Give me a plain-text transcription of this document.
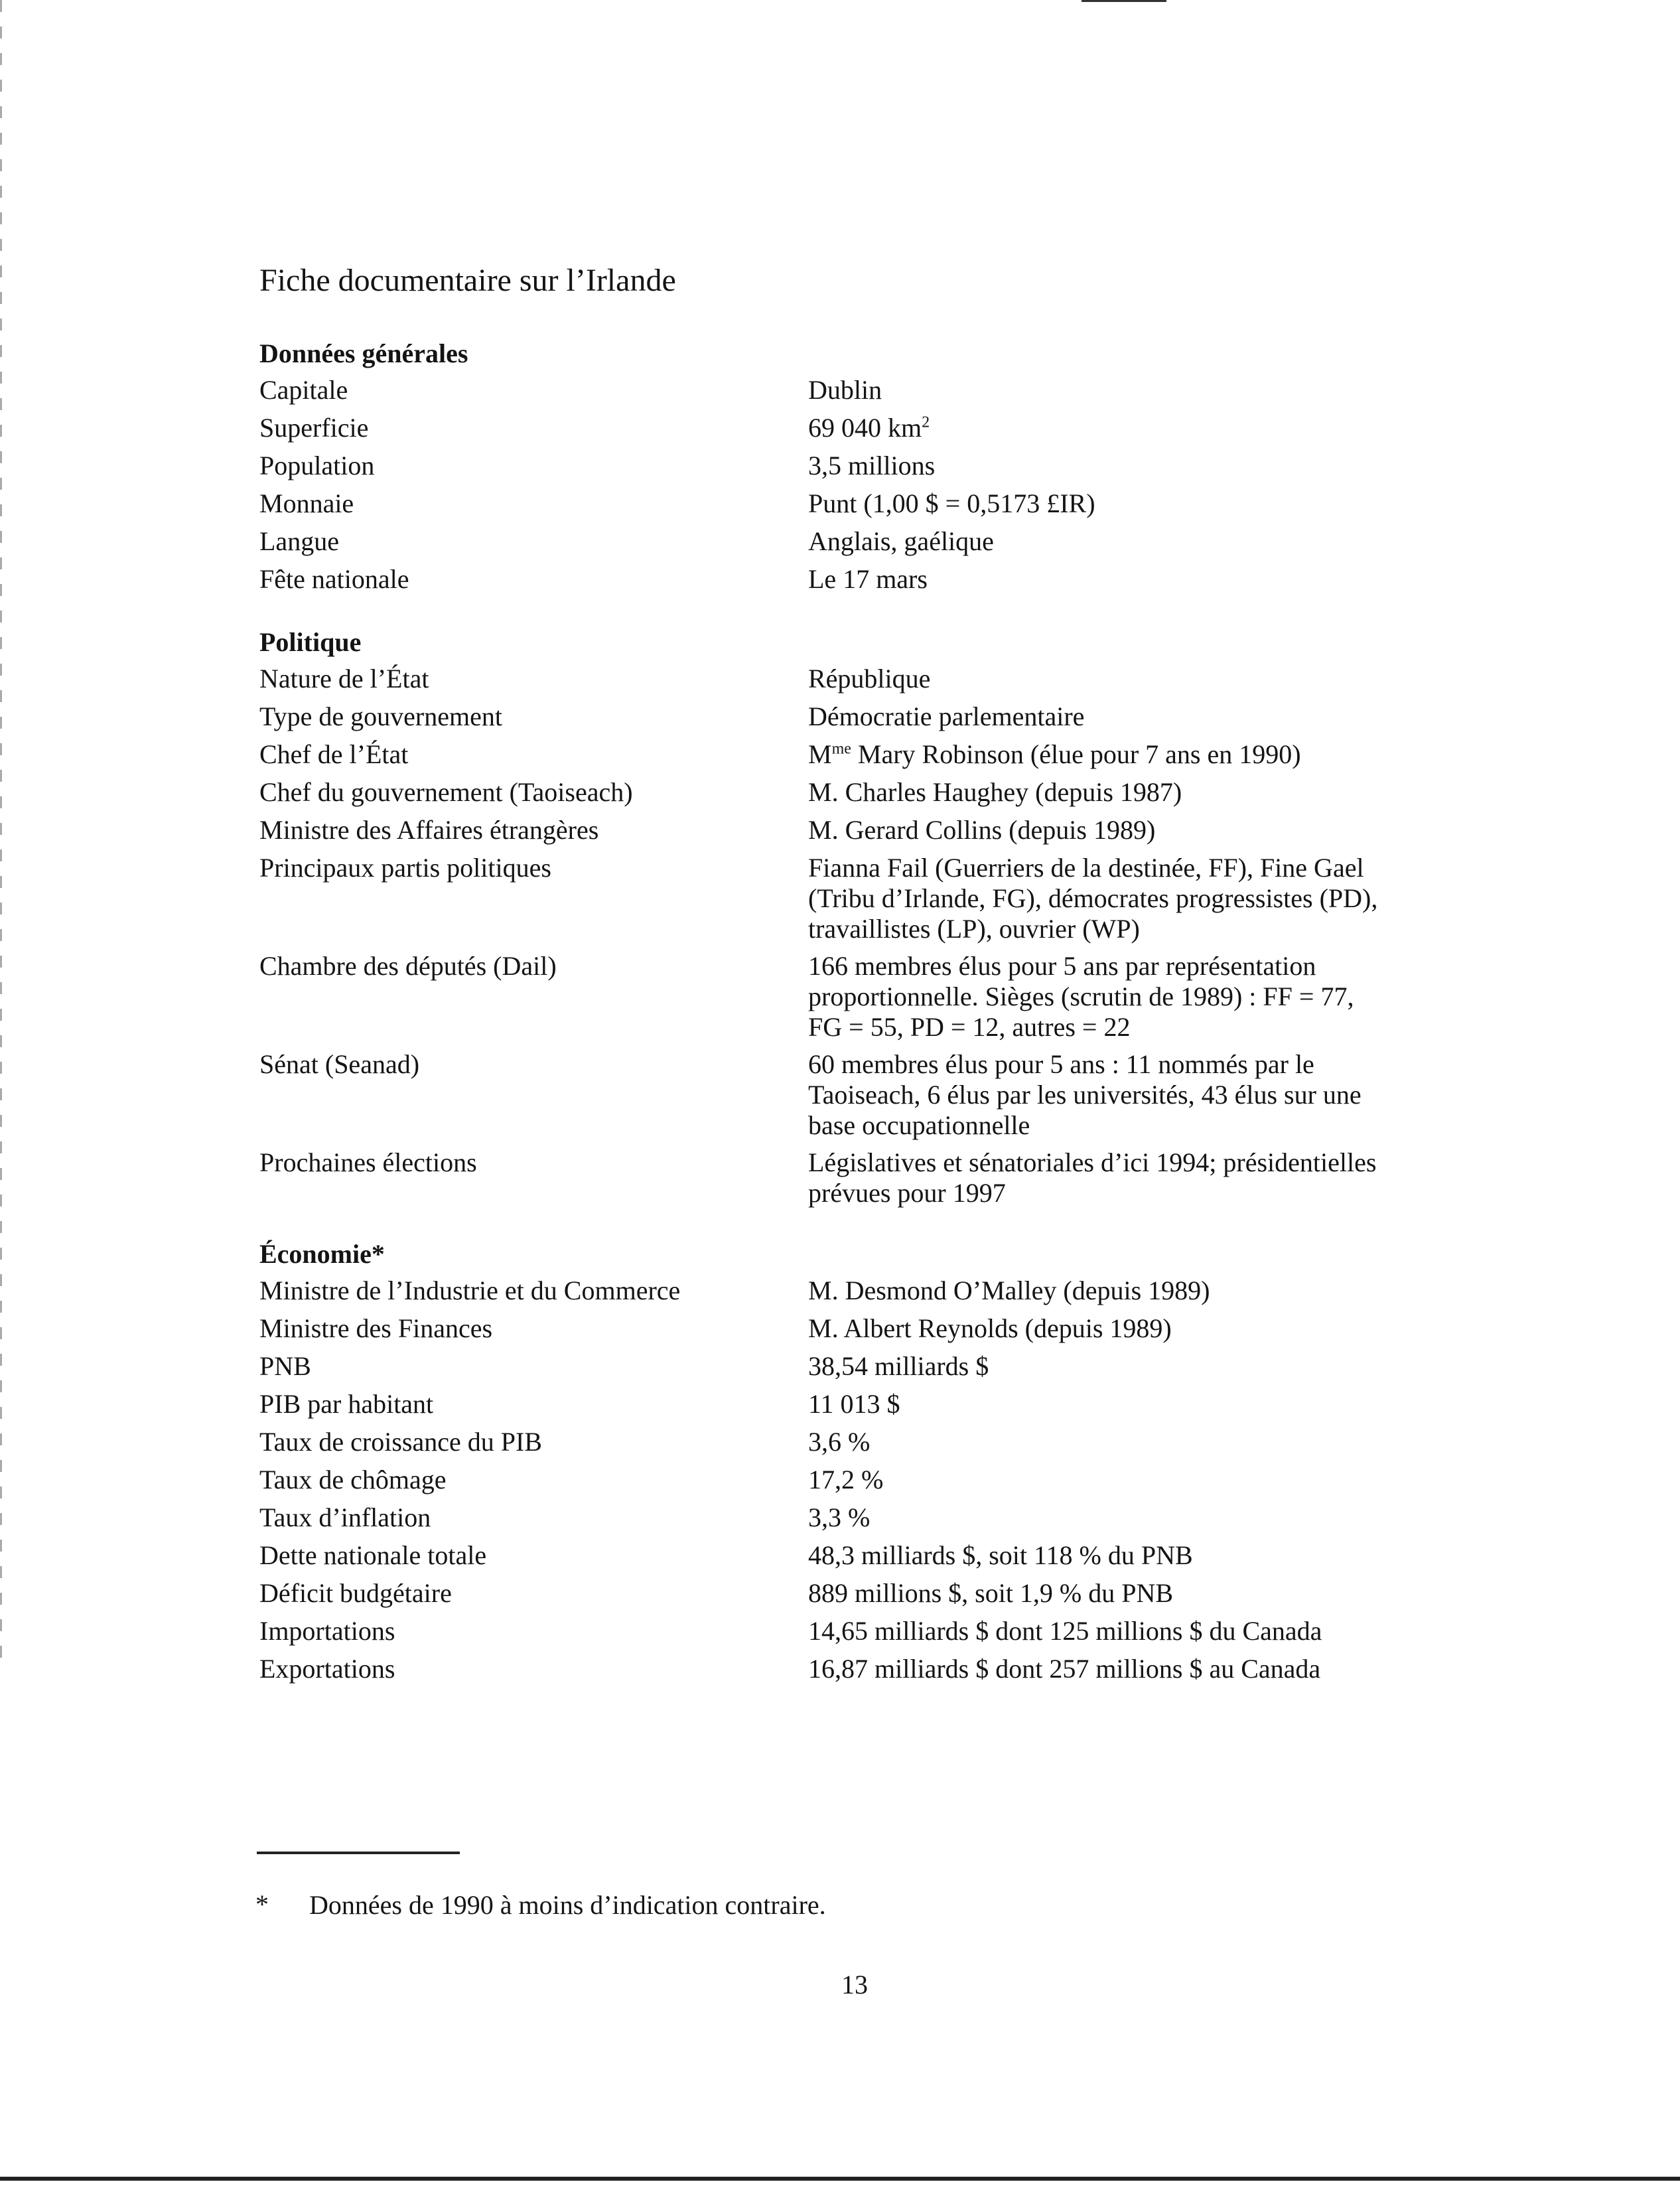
Fiche documentaire sur l’Irlande
Données générales
Capitale	Dublin
Superficie	69 040 $km^2$
Population	3,5 millions
Monnaie	Punt (1,00 $ = 0,5173 £IR)
Langue	Anglais, gaélique
Fête nationale	Le 17 mars
Politique
Nature de l’État	République
Type de gouvernement	Démocratie parlementaire
Chef de l’État	$M^{me}$ Mary Robinson (élue pour 7 ans en 1990)
Chef du gouvernement (Taoiseach)	M. Charles Haughey (depuis 1987)
Ministre des Affaires étrangères	M. Gerard Collins (depuis 1989)
Principaux partis politiques	Fianna Fail (Guerriers de la destinée, FF), Fine Gael
(Tribu d’Irlande, FG), démocrates progressistes (PD),
travaillistes (LP), ouvrier (WP)
Chambre des députés (Dail)	166 membres élus pour 5 ans par représentation
proportionnelle. Sièges (scrutin de 1989) : FF = 77,
FG = 55, PD = 12, autres = 22
Sénat (Seanad)	60 membres élus pour 5 ans : 11 nommés par le
Taoiseach, 6 élus par les universités, 43 élus sur une
base occupationnelle
Prochaines élections	Législatives et sénatoriales d’ici 1994; présidentielles
prévues pour 1997
Économie*
Ministre de l’Industrie et du Commerce	M. Desmond O’Malley (depuis 1989)
Ministre des Finances	M. Albert Reynolds (depuis 1989)
PNB	38,54 milliards $
PIB par habitant	11 013 $
Taux de croissance du PIB	3,6 %
Taux de chômage	17,2 %
Taux d’inflation	3,3 %
Dette nationale totale	48,3 milliards $, soit 118 % du PNB
Déficit budgétaire	889 millions $, soit 1,9 % du PNB
Importations	14,65 milliards $ dont 125 millions $ du Canada
Exportations	16,87 milliards $ dont 257 millions $ au Canada
* Données de 1990 à moins d’indication contraire.
13
